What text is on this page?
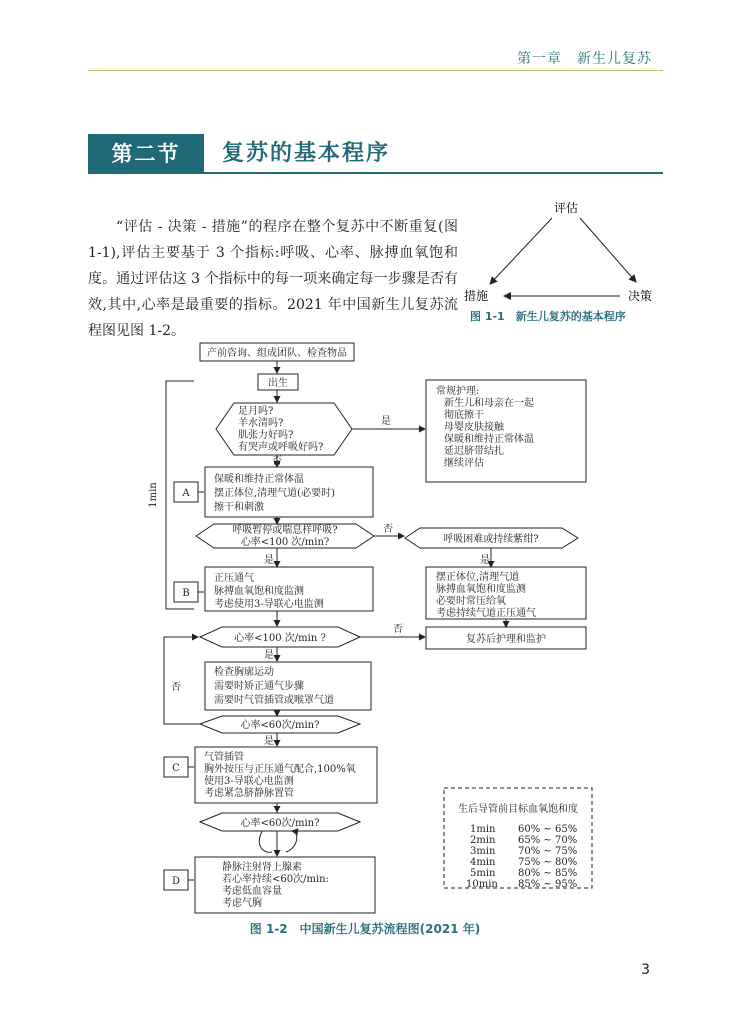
第一章　新生儿复苏
第二节	复苏的基本程序
“评估 - 决策 - 措施”的程序在整个复苏中不断重复(图 1-1),评估主要基于 3 个指标:呼吸、心率、脉搏血氧饱和度。通过评估这 3 个指标中的每一项来确定每一步骤是否有效,其中,心率是最重要的指标。2021 年中国新生儿复苏流程图见图 1-2。
评估
措施	决策
图 1-1　新生儿复苏的基本程序
产前咨询、组成团队、检查物品
出生
足月吗?
羊水清吗?
肌张力好吗?
有哭声或呼吸好吗?
是
否
常规护理:
新生儿和母亲在一起
彻底擦干
母婴皮肤接触
保暖和维持正常体温
延迟脐带结扎
继续评估
A
保暖和维持正常体温
摆正体位,清理气道(必要时)
擦干和刺激
呼吸暂停或喘息样呼吸?
心率<100 次/min?
否
呼吸困难或持续紫绀?
是
摆正体位,清理气道
脉搏血氧饱和度监测
必要时常压给氧
考虑持续气道正压通气
是
B
正压通气
脉搏血氧饱和度监测
考虑使用3-导联心电监测
1min
心率<100 次/min ?
否
复苏后护理和监护
是
否
检查胸廓运动
需要时矫正通气步骤
需要时气管插管或喉罩气道
心率<60次/min?
是
C
气管插管
胸外按压与正压通气配合,100%氧
使用3-导联心电监测
考虑紧急脐静脉置管
心率<60次/min?
D
静脉注射肾上腺素
若心率持续<60次/min:
考虑低血容量
考虑气胸
生后导管前目标血氧饱和度
1min 60% ~ 65%
2min 65% ~ 70%
3min 70% ~ 75%
4min 75% ~ 80%
5min 80% ~ 85%
10min 85% ~ 95%
图 1-2　中国新生儿复苏流程图(2021 年)
3
